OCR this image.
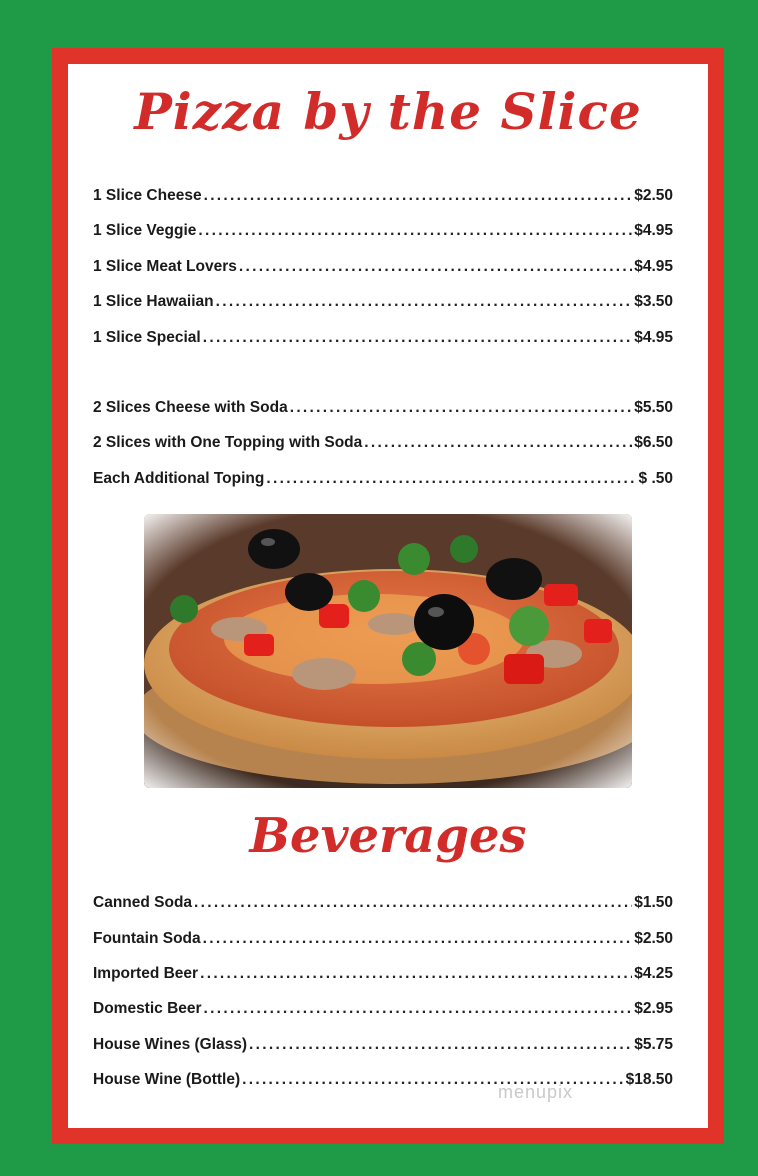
Pizza by the Slice
1 Slice Cheese . . .	$2.50
1 Slice Veggie . . .	$4.95
1 Slice Meat Lovers . . .	$4.95
1 Slice Hawaiian . . .	$3.50
1 Slice Special . . .	$4.95
2 Slices Cheese with Soda . . .	$5.50
2 Slices with One Topping with Soda . . .	$6.50
Each Additional Toping . . .	$ .50
Beverages
Canned Soda . . .	$1.50
Fountain Soda . . .	$2.50
Imported Beer . . .	$4.25
Domestic Beer . . .	$2.95
House Wines (Glass) . . .	$5.75
House Wine (Bottle) . . .	$18.50
menupix
